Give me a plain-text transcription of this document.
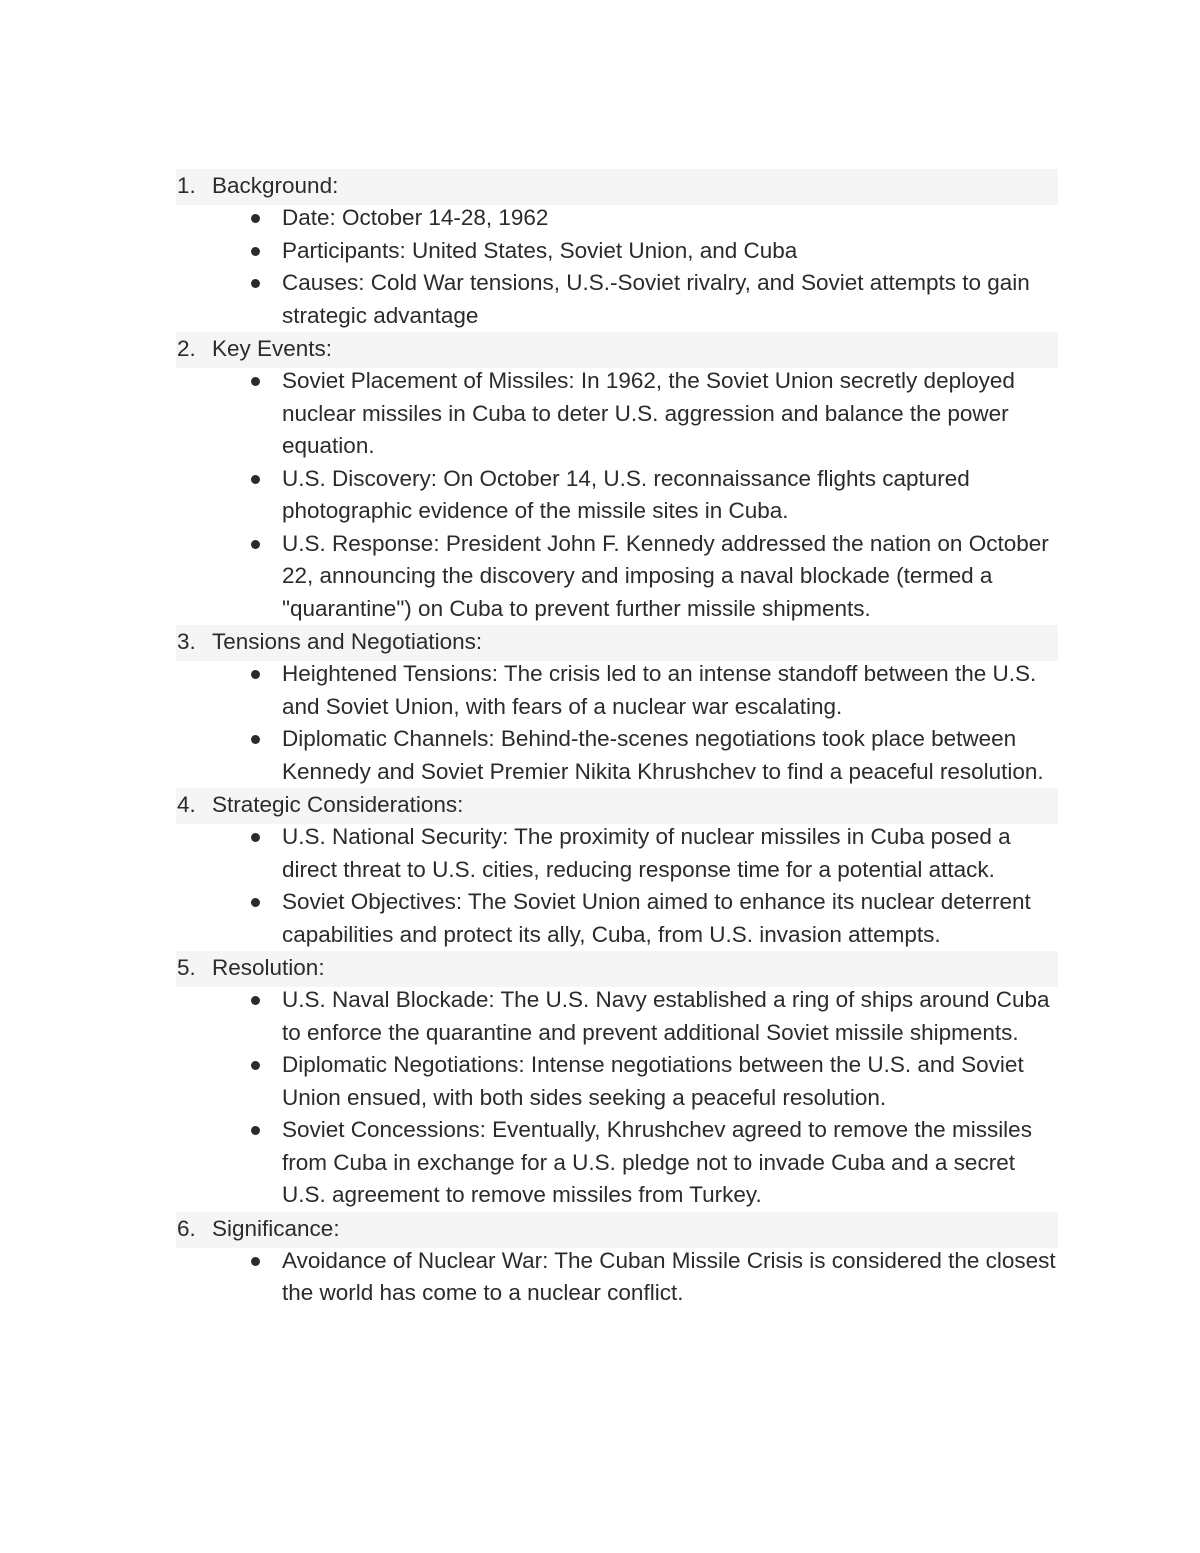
1. Background:
Date: October 14-28, 1962
Participants: United States, Soviet Union, and Cuba
Causes: Cold War tensions, U.S.-Soviet rivalry, and Soviet attempts to gain strategic advantage
2. Key Events:
Soviet Placement of Missiles: In 1962, the Soviet Union secretly deployed nuclear missiles in Cuba to deter U.S. aggression and balance the power equation.
U.S. Discovery: On October 14, U.S. reconnaissance flights captured photographic evidence of the missile sites in Cuba.
U.S. Response: President John F. Kennedy addressed the nation on October 22, announcing the discovery and imposing a naval blockade (termed a "quarantine") on Cuba to prevent further missile shipments.
3. Tensions and Negotiations:
Heightened Tensions: The crisis led to an intense standoff between the U.S. and Soviet Union, with fears of a nuclear war escalating.
Diplomatic Channels: Behind-the-scenes negotiations took place between Kennedy and Soviet Premier Nikita Khrushchev to find a peaceful resolution.
4. Strategic Considerations:
U.S. National Security: The proximity of nuclear missiles in Cuba posed a direct threat to U.S. cities, reducing response time for a potential attack.
Soviet Objectives: The Soviet Union aimed to enhance its nuclear deterrent capabilities and protect its ally, Cuba, from U.S. invasion attempts.
5. Resolution:
U.S. Naval Blockade: The U.S. Navy established a ring of ships around Cuba to enforce the quarantine and prevent additional Soviet missile shipments.
Diplomatic Negotiations: Intense negotiations between the U.S. and Soviet Union ensued, with both sides seeking a peaceful resolution.
Soviet Concessions: Eventually, Khrushchev agreed to remove the missiles from Cuba in exchange for a U.S. pledge not to invade Cuba and a secret U.S. agreement to remove missiles from Turkey.
6. Significance:
Avoidance of Nuclear War: The Cuban Missile Crisis is considered the closest the world has come to a nuclear conflict.
